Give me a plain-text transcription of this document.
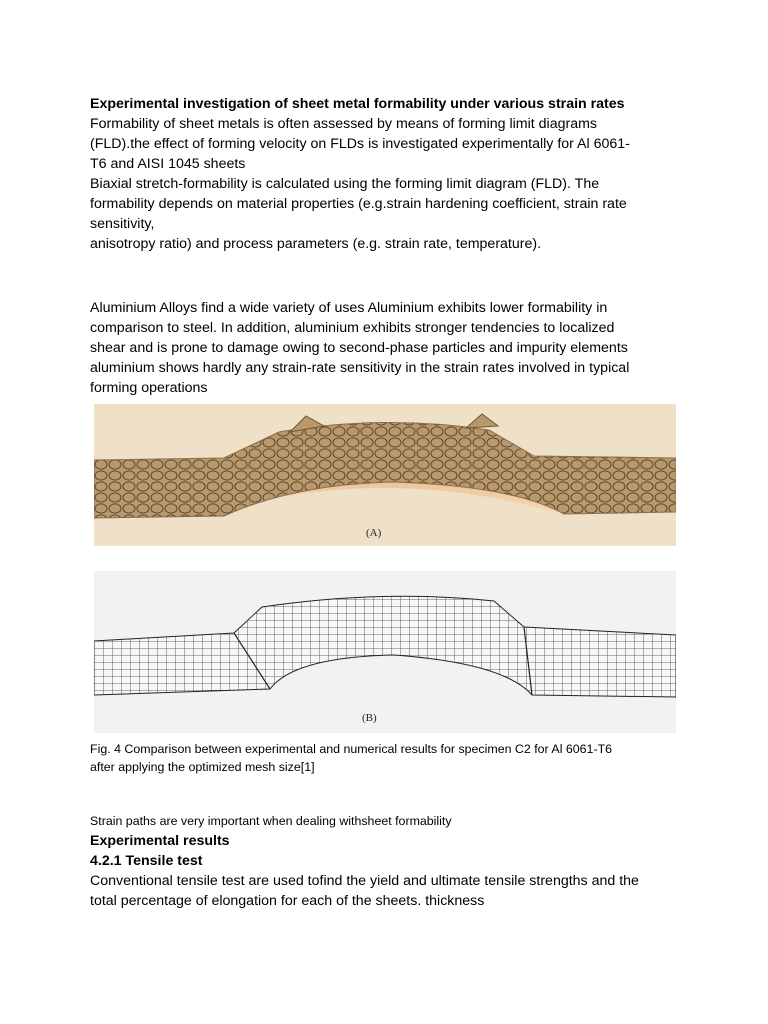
Experimental investigation of sheet metal formability under various strain rates

Formability of sheet metals is often assessed by means of forming limit diagrams
(FLD).the effect of forming velocity on FLDs is investigated experimentally for Al 6061-
T6 and AISI 1045 sheets
Biaxial stretch-formability is calculated using the forming limit diagram (FLD). The
formability depends on material properties (e.g.strain hardening coefficient, strain rate
sensitivity,
anisotropy ratio) and process parameters (e.g. strain rate, temperature).

Aluminium Alloys find a wide variety of uses Aluminium exhibits lower formability in
comparison to steel. In addition, aluminium exhibits stronger tendencies to localized
shear and is prone to damage owing to second-phase particles and impurity elements
aluminium shows hardly any strain-rate sensitivity in the strain rates involved in typical
forming operations

(A)
(B)

Fig. 4 Comparison between experimental and numerical results for specimen C2 for Al 6061-T6
after applying the optimized mesh size[1]

Strain paths are very important when dealing withsheet formability

Experimental results

4.2.1 Tensile test

Conventional tensile test are used tofind the yield and ultimate tensile strengths and the
total percentage of elongation for each of the sheets. thickness
